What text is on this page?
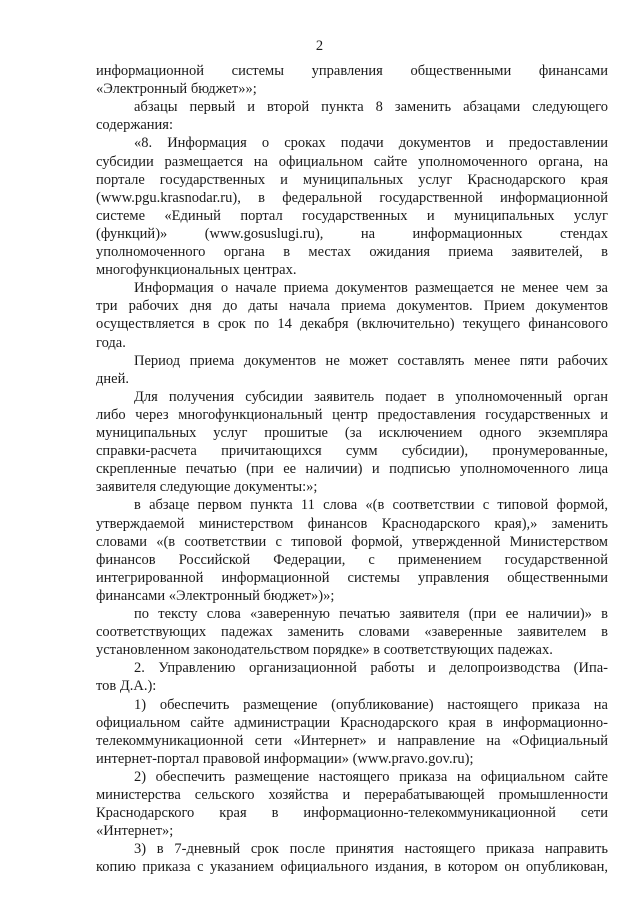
2
информационной системы управления общественными финансами
«Электронный бюджет»»;
абзацы первый и второй пункта 8 заменить абзацами следующего
содержания:
«8. Информация о сроках подачи документов и предоставлении
субсидии размещается на официальном сайте уполномоченного органа, на
портале государственных и муниципальных услуг Краснодарского края
(www.pgu.krasnodar.ru), в федеральной государственной информационной
системе «Единый портал государственных и муниципальных услуг
(функций)» (www.gosuslugi.ru), на информационных стендах
уполномоченного органа в местах ожидания приема заявителей, в
многофункциональных центрах.
Информация о начале приема документов размещается не менее чем за
три рабочих дня до даты начала приема документов. Прием документов
осуществляется в срок по 14 декабря (включительно) текущего финансового
года.
Период приема документов не может составлять менее пяти рабочих
дней.
Для получения субсидии заявитель подает в уполномоченный орган
либо через многофункциональный центр предоставления государственных и
муниципальных услуг прошитые (за исключением одного экземпляра
справки-расчета причитающихся сумм субсидии), пронумерованные,
скрепленные печатью (при ее наличии) и подписью уполномоченного лица
заявителя следующие документы:»;
в абзаце первом пункта 11 слова «(в соответствии с типовой формой,
утверждаемой министерством финансов Краснодарского края),» заменить
словами «(в соответствии с типовой формой, утвержденной Министерством
финансов Российской Федерации, с применением государственной
интегрированной информационной системы управления общественными
финансами «Электронный бюджет»)»;
по тексту слова «заверенную печатью заявителя (при ее наличии)» в
соответствующих падежах заменить словами «заверенные заявителем в
установленном законодательством порядке» в соответствующих падежах.
2. Управлению организационной работы и делопроизводства (Ипа-
тов Д.А.):
1) обеспечить размещение (опубликование) настоящего приказа на
официальном сайте администрации Краснодарского края в информационно-
телекоммуникационной сети «Интернет» и направление на «Официальный
интернет-портал правовой информации» (www.pravo.gov.ru);
2) обеспечить размещение настоящего приказа на официальном сайте
министерства сельского хозяйства и перерабатывающей промышленности
Краснодарского края в информационно-телекоммуникационной сети
«Интернет»;
3) в 7-дневный срок после принятия настоящего приказа направить
копию приказа с указанием официального издания, в котором он опубликован,
